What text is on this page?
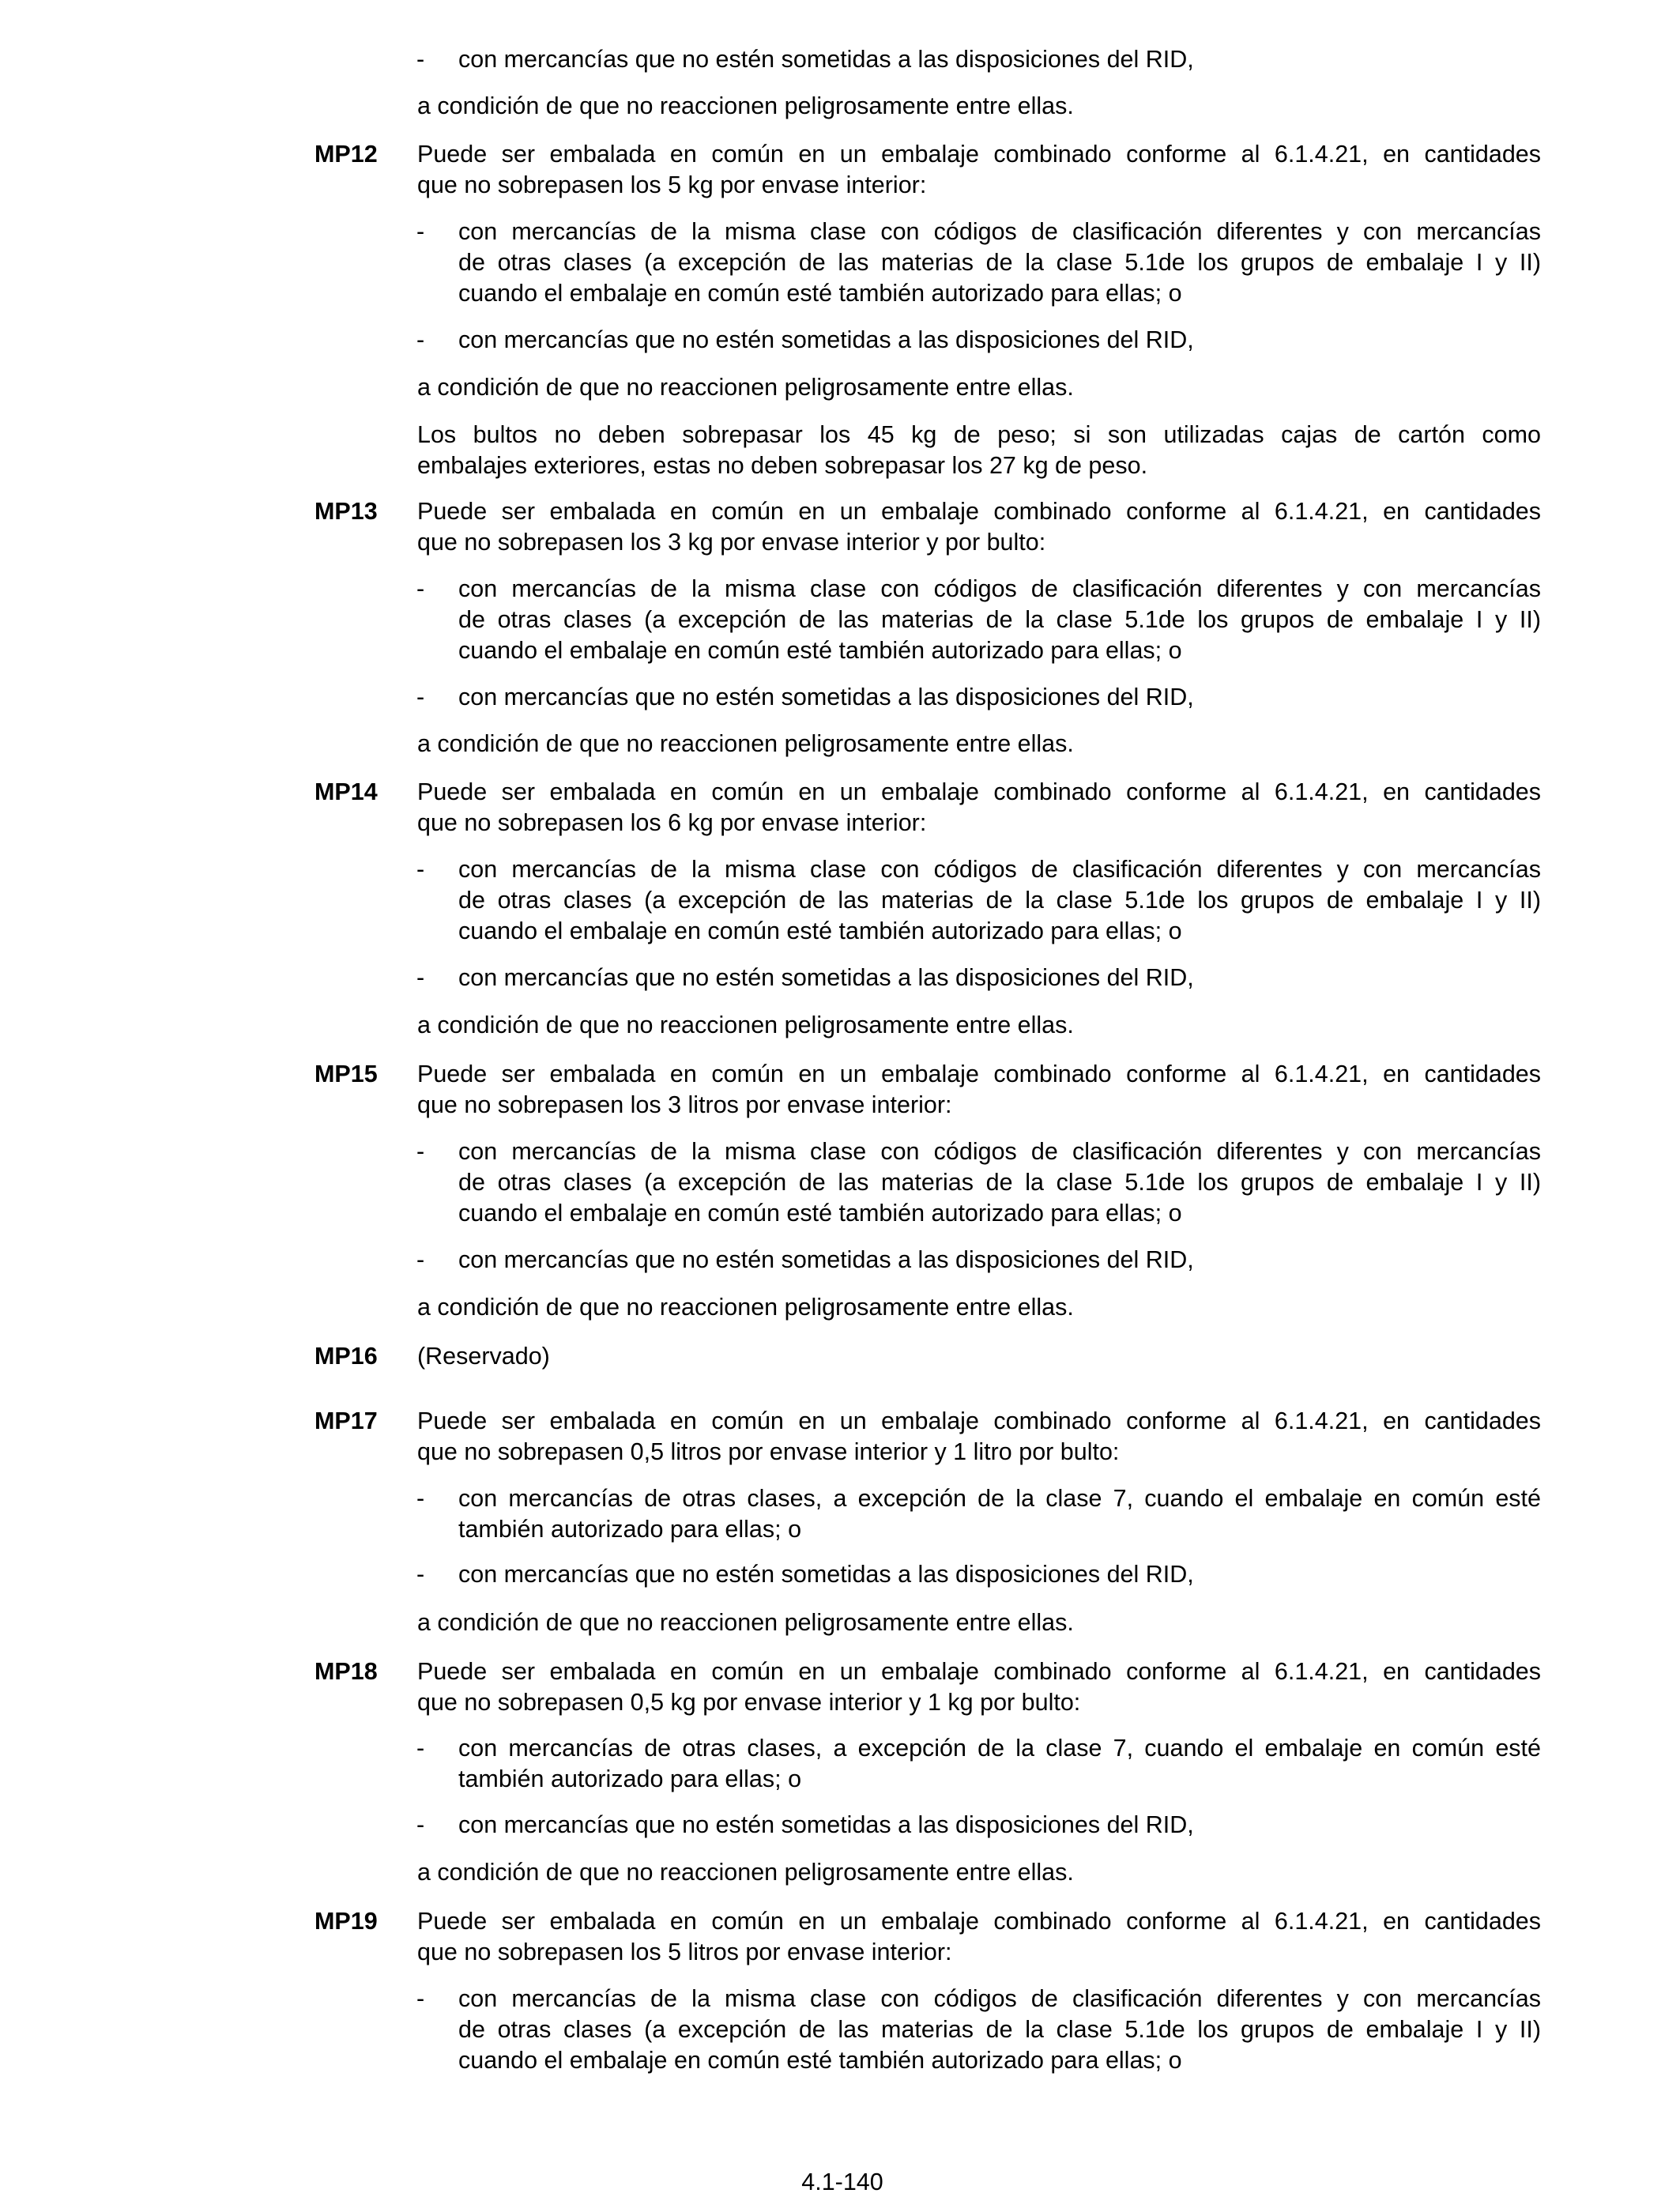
- con mercancías que no estén sometidas a las disposiciones del RID,
a condición de que no reaccionen peligrosamente entre ellas.
MP12 Puede ser embalada en común en un embalaje combinado conforme al 6.1.4.21, en cantidades
que no sobrepasen los 5 kg por envase interior:
- con mercancías de la misma clase con códigos de clasificación diferentes y con mercancías
de otras clases (a excepción de las materias de la clase 5.1de los grupos de embalaje I y II)
cuando el embalaje en común esté también autorizado para ellas; o
- con mercancías que no estén sometidas a las disposiciones del RID,
a condición de que no reaccionen peligrosamente entre ellas.
Los bultos no deben sobrepasar los 45 kg de peso; si son utilizadas cajas de cartón como
embalajes exteriores, estas no deben sobrepasar los 27 kg de peso.
MP13 Puede ser embalada en común en un embalaje combinado conforme al 6.1.4.21, en cantidades
que no sobrepasen los 3 kg por envase interior y por bulto:
- con mercancías de la misma clase con códigos de clasificación diferentes y con mercancías
de otras clases (a excepción de las materias de la clase 5.1de los grupos de embalaje I y II)
cuando el embalaje en común esté también autorizado para ellas; o
- con mercancías que no estén sometidas a las disposiciones del RID,
a condición de que no reaccionen peligrosamente entre ellas.
MP14 Puede ser embalada en común en un embalaje combinado conforme al 6.1.4.21, en cantidades
que no sobrepasen los 6 kg por envase interior:
- con mercancías de la misma clase con códigos de clasificación diferentes y con mercancías
de otras clases (a excepción de las materias de la clase 5.1de los grupos de embalaje I y II)
cuando el embalaje en común esté también autorizado para ellas; o
- con mercancías que no estén sometidas a las disposiciones del RID,
a condición de que no reaccionen peligrosamente entre ellas.
MP15 Puede ser embalada en común en un embalaje combinado conforme al 6.1.4.21, en cantidades
que no sobrepasen los 3 litros por envase interior:
- con mercancías de la misma clase con códigos de clasificación diferentes y con mercancías
de otras clases (a excepción de las materias de la clase 5.1de los grupos de embalaje I y II)
cuando el embalaje en común esté también autorizado para ellas; o
- con mercancías que no estén sometidas a las disposiciones del RID,
a condición de que no reaccionen peligrosamente entre ellas.
MP16 (Reservado)
MP17 Puede ser embalada en común en un embalaje combinado conforme al 6.1.4.21, en cantidades
que no sobrepasen 0,5 litros por envase interior y 1 litro por bulto:
- con mercancías de otras clases, a excepción de la clase 7, cuando el embalaje en común esté
también autorizado para ellas; o
- con mercancías que no estén sometidas a las disposiciones del RID,
a condición de que no reaccionen peligrosamente entre ellas.
MP18 Puede ser embalada en común en un embalaje combinado conforme al 6.1.4.21, en cantidades
que no sobrepasen 0,5 kg por envase interior y 1 kg por bulto:
- con mercancías de otras clases, a excepción de la clase 7, cuando el embalaje en común esté
también autorizado para ellas; o
- con mercancías que no estén sometidas a las disposiciones del RID,
a condición de que no reaccionen peligrosamente entre ellas.
MP19 Puede ser embalada en común en un embalaje combinado conforme al 6.1.4.21, en cantidades
que no sobrepasen los 5 litros por envase interior:
- con mercancías de la misma clase con códigos de clasificación diferentes y con mercancías
de otras clases (a excepción de las materias de la clase 5.1de los grupos de embalaje I y II)
cuando el embalaje en común esté también autorizado para ellas; o
4.1-140
